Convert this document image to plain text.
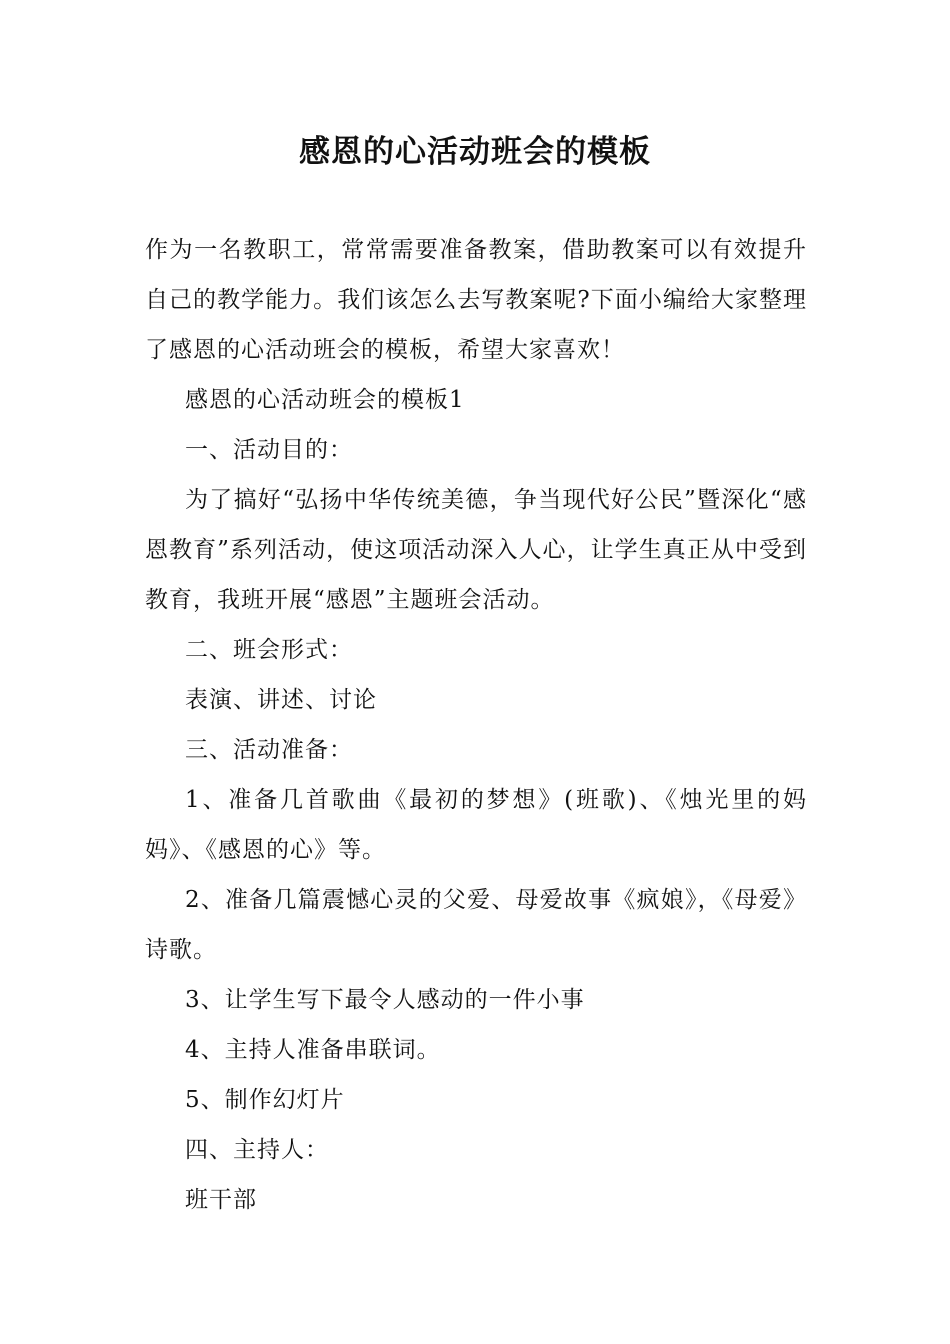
感恩的心活动班会的模板

作为一名教职工，常常需要准备教案，借助教案可以有效提升自己的教学能力。我们该怎么去写教案呢?下面小编给大家整理了感恩的心活动班会的模板，希望大家喜欢！

感恩的心活动班会的模板1

一、活动目的：

为了搞好“弘扬中华传统美德，争当现代好公民”暨深化“感恩教育”系列活动，使这项活动深入人心，让学生真正从中受到教育，我班开展“感恩”主题班会活动。

二、班会形式：

表演、讲述、讨论

三、活动准备：

1、准备几首歌曲《最初的梦想》(班歌)、《烛光里的妈妈》、《感恩的心》等。

2、准备几篇震憾心灵的父爱、母爱故事《疯娘》，《母爱》诗歌。

3、让学生写下最令人感动的一件小事

4、主持人准备串联词。

5、制作幻灯片

四、主持人：

班干部
